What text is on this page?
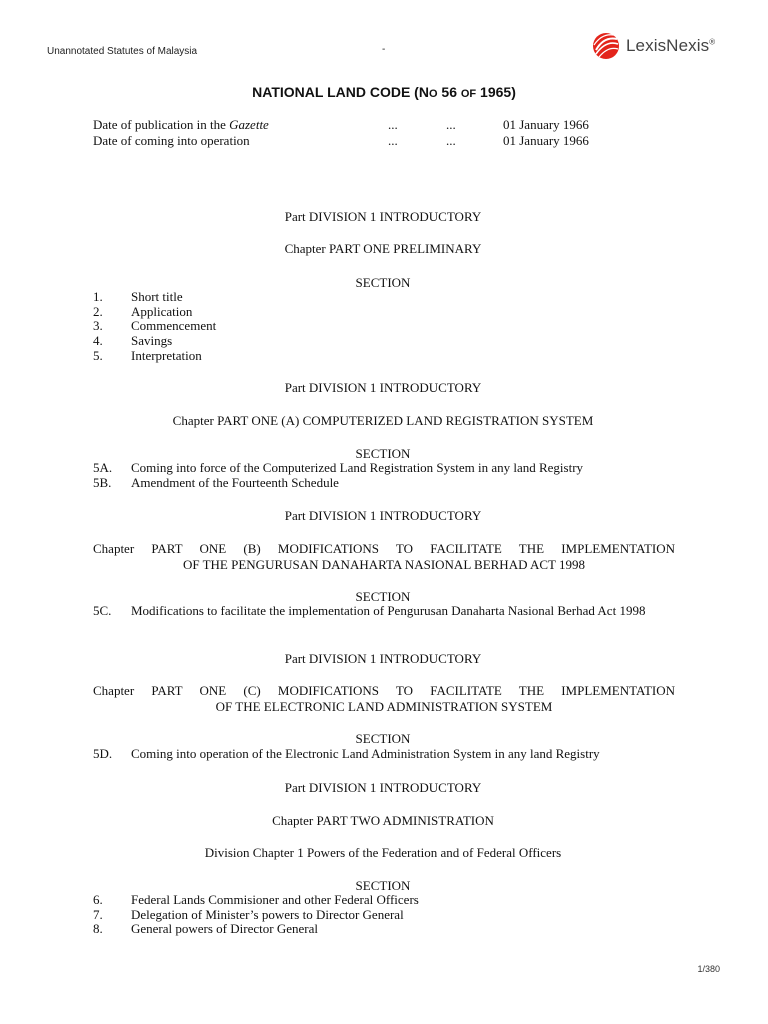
Unannotated Statutes of Malaysia	-	LexisNexis®
NATIONAL LAND CODE (NO 56 OF 1965)
Date of publication in the Gazette	...	...	01 January 1966
Date of coming into operation	...	...	01 January 1966
Part DIVISION 1 INTRODUCTORY
Chapter PART ONE PRELIMINARY
SECTION
1. Short title
2. Application
3. Commencement
4. Savings
5. Interpretation
Part DIVISION 1 INTRODUCTORY
Chapter PART ONE (A) COMPUTERIZED LAND REGISTRATION SYSTEM
SECTION
5A. Coming into force of the Computerized Land Registration System in any land Registry
5B. Amendment of the Fourteenth Schedule
Part DIVISION 1 INTRODUCTORY
Chapter PART ONE (B) MODIFICATIONS TO FACILITATE THE IMPLEMENTATION
OF THE PENGURUSAN DANAHARTA NASIONAL BERHAD ACT 1998
SECTION
5C. Modifications to facilitate the implementation of Pengurusan Danaharta Nasional Berhad Act 1998
Part DIVISION 1 INTRODUCTORY
Chapter PART ONE (C) MODIFICATIONS TO FACILITATE THE IMPLEMENTATION
OF THE ELECTRONIC LAND ADMINISTRATION SYSTEM
SECTION
5D. Coming into operation of the Electronic Land Administration System in any land Registry
Part DIVISION 1 INTRODUCTORY
Chapter PART TWO ADMINISTRATION
Division Chapter 1 Powers of the Federation and of Federal Officers
SECTION
6. Federal Lands Commisioner and other Federal Officers
7. Delegation of Minister’s powers to Director General
8. General powers of Director General
1/380
